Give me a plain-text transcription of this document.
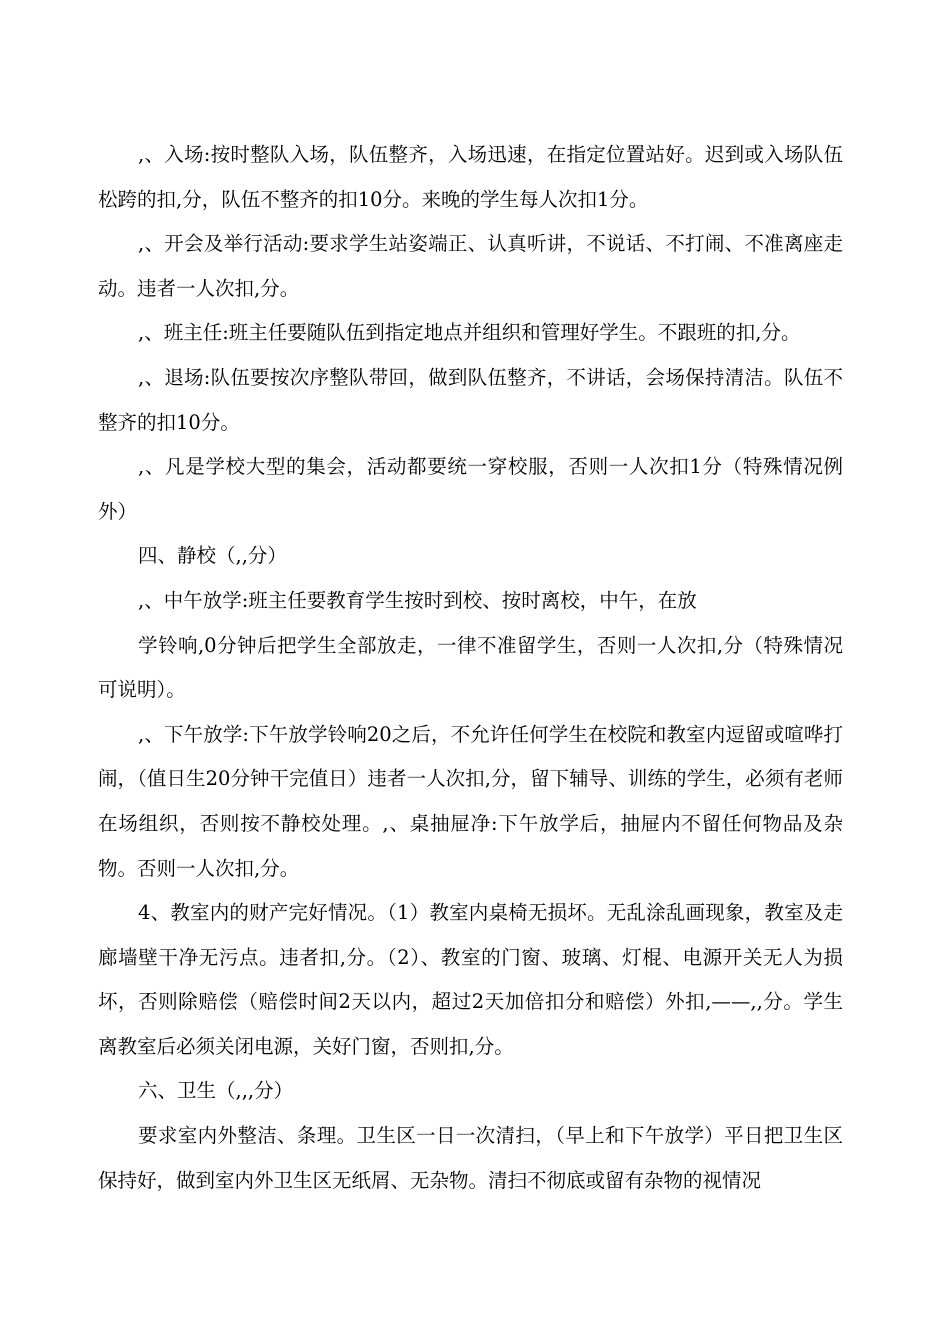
,、入场:按时整队入场，队伍整齐，入场迅速，在指定位置站好。迟到或入场队伍松跨的扣,分，队伍不整齐的扣10分。来晚的学生每人次扣1分。

,、开会及举行活动:要求学生站姿端正、认真听讲，不说话、不打闹、不准离座走动。违者一人次扣,分。

,、班主任:班主任要随队伍到指定地点并组织和管理好学生。不跟班的扣,分。

,、退场:队伍要按次序整队带回，做到队伍整齐，不讲话，会场保持清洁。队伍不整齐的扣10分。

,、凡是学校大型的集会，活动都要统一穿校服，否则一人次扣1分（特殊情况例外）

四、静校（,,分）

,、中午放学:班主任要教育学生按时到校、按时离校，中午，在放

学铃响,0分钟后把学生全部放走，一律不准留学生，否则一人次扣,分（特殊情况可说明）。

,、下午放学:下午放学铃响20之后，不允许任何学生在校院和教室内逗留或喧哗打闹，（值日生20分钟干完值日）违者一人次扣,分，留下辅导、训练的学生，必须有老师在场组织，否则按不静校处理。,、桌抽屉净:下午放学后，抽屉内不留任何物品及杂物。否则一人次扣,分。

4、教室内的财产完好情况。（1）教室内桌椅无损坏。无乱涂乱画现象，教室及走廊墙壁干净无污点。违者扣,分。（2）、教室的门窗、玻璃、灯棍、电源开关无人为损坏，否则除赔偿（赔偿时间2天以内，超过2天加倍扣分和赔偿）外扣,——,,分。学生离教室后必须关闭电源，关好门窗，否则扣,分。

六、卫生（,,,分）

要求室内外整洁、条理。卫生区一日一次清扫，（早上和下午放学）平日把卫生区保持好，做到室内外卫生区无纸屑、无杂物。清扫不彻底或留有杂物的视情况
